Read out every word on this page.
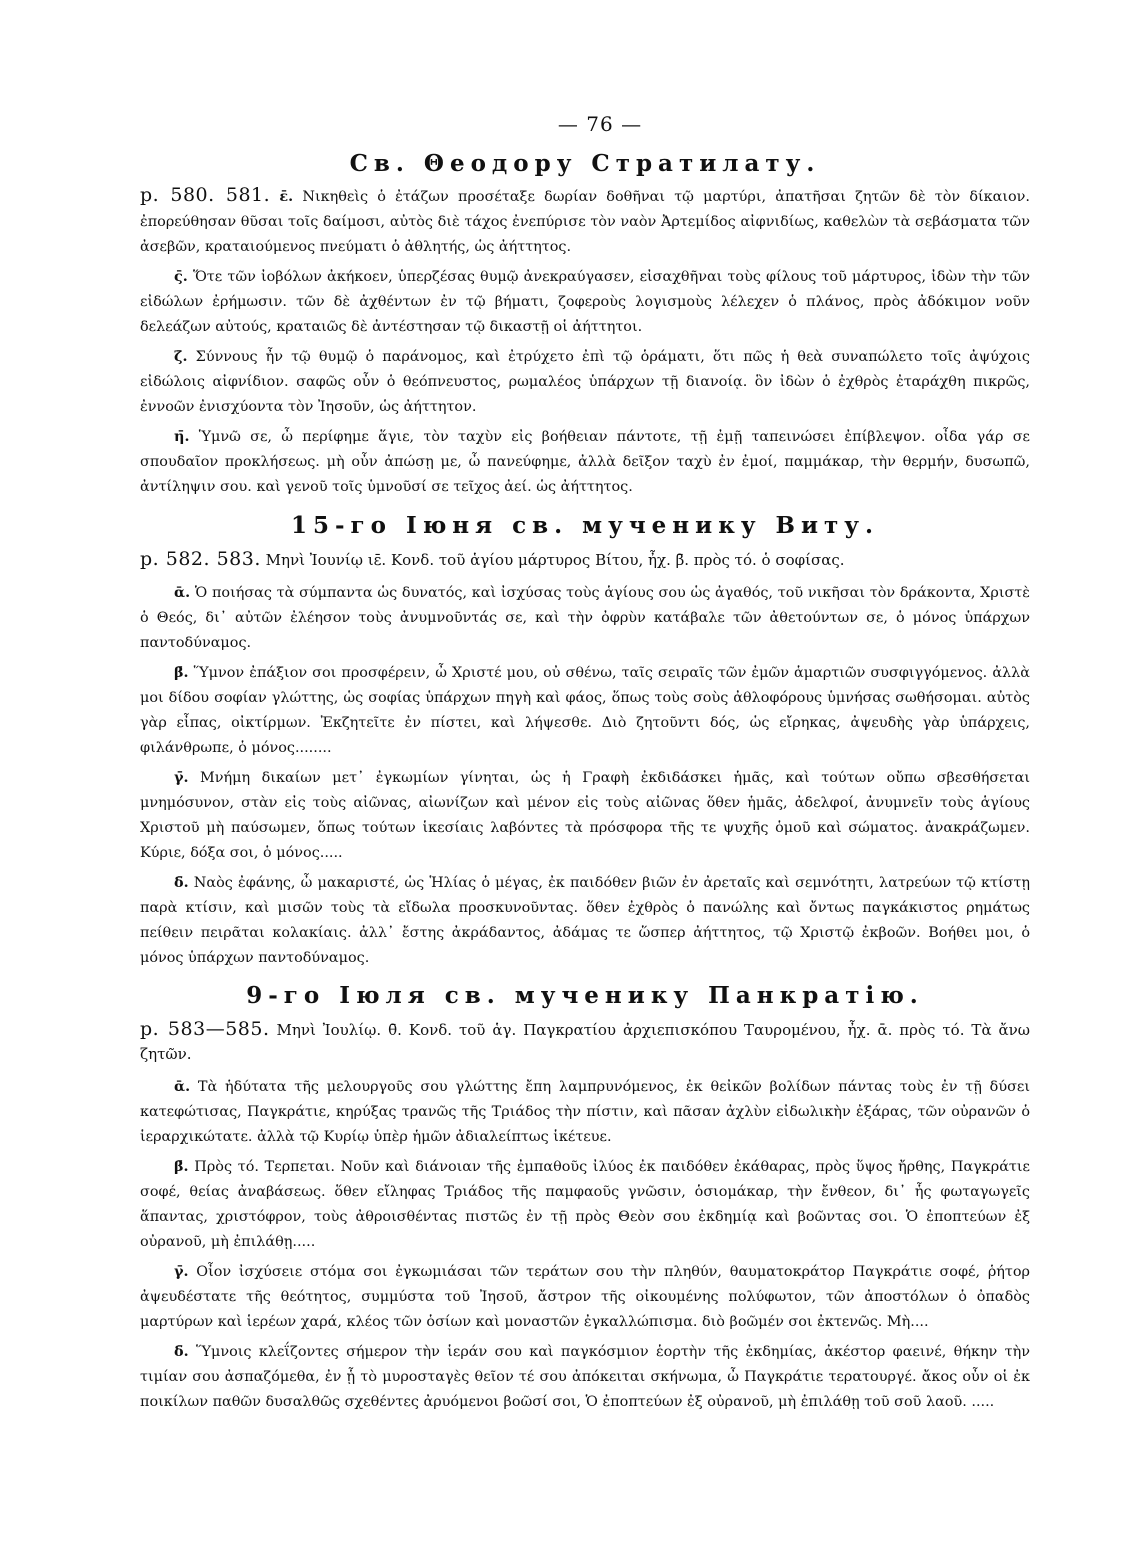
— 76 —
Св. Θеодору Стратилату.
р. 580. 581. ε̄. Νικηθεὶς ὁ ἐτάζων προσέταξε δωρίαν δοθῆναι τῷ μαρτύρι, ἀπατῆσαι ζητῶν δὲ τὸν δίκαιον. ἐπορεύθησαν θῦσαι τοῖς δαίμοσι, αὐτὸς διὲ τάχος ἐνεπύρισε τὸν ναὸν Ἀρτεμίδος αἰφνιδίως, καθελὼν τὰ σεβάσματα τῶν ἀσεβῶν, κραταιούμενος πνεύματι ὁ ἀθλητής, ὡς ἀήττητος.
ς̄. Ὅτε τῶν ἰοβόλων ἀκήκοεν, ὑπερζέσας θυμῷ ἀνεκραύγασεν, εἰσαχθῆναι τοὺς φίλους τοῦ μάρτυρος, ἰδὼν τὴν τῶν εἰδώλων ἐρήμωσιν. τῶν δὲ ἀχθέντων ἐν τῷ βήματι, ζοφεροὺς λογισμοὺς λέλεχεν ὁ πλάνος, πρὸς ἀδόκιμον νοῦν δελεάζων αὐτούς, κραταιῶς δὲ ἀντέστησαν τῷ δικαστῇ οἱ ἀήττητοι.
ζ̄. Σύννους ἦν τῷ θυμῷ ὁ παράνομος, καὶ ἐτρύχετο ἐπὶ τῷ ὁράματι, ὅτι πῶς ἡ θεὰ συναπώλετο τοῖς ἀψύχοις εἰδώλοις αἰφνίδιον. σαφῶς οὖν ὁ θεόπνευστος, ρωμαλέος ὑπάρχων τῇ διανοίᾳ. ὃν ἰδὼν ὁ ἐχθρὸς ἐταράχθη πικρῶς, ἐννοῶν ἐνισχύοντα τὸν Ἰησοῦν, ὡς ἀήττητον.
η̄. Ὑμνῶ σε, ὦ περίφημε ἅγιε, τὸν ταχὺν εἰς βοήθειαν πάντοτε, τῇ ἐμῇ ταπεινώσει ἐπίβλεψον. οἶδα γάρ σε σπουδαῖον προκλήσεως. μὴ οὖν ἀπώσῃ με, ὦ πανεύφημε, ἀλλὰ δεῖξον ταχὺ ἐν ἐμοί, παμμάκαρ, τὴν θερμήν, δυσωπῶ, ἀντίληψιν σου. καὶ γενοῦ τοῖς ὑμνοῦσί σε τεῖχος ἀεί. ὡς ἀήττητος.
15-го Іюня св. мученику Виту.
р. 582. 583. Μηνὶ Ἰουνίῳ ιε̄. Κονδ. τοῦ ἁγίου μάρτυρος Βίτου, ἦχ. β̄. πρὸς τό. ὁ σοφίσας.
ᾱ. Ὁ ποιήσας τὰ σύμπαντα ὡς δυνατός, καὶ ἰσχύσας τοὺς ἁγίους σου ὡς ἀγαθός, τοῦ νικῆσαι τὸν δράκοντα, Χριστὲ ὁ Θεός, δι᾽ αὐτῶν ἐλέησον τοὺς ἀνυμνοῦντάς σε, καὶ τὴν ὀφρὺν κατάβαλε τῶν ἀθετούντων σε, ὁ μόνος ὑπάρχων παντοδύναμος.
β̄. Ὕμνον ἐπάξιον σοι προσφέρειν, ὦ Χριστέ μου, οὐ σθένω, ταῖς σειραῖς τῶν ἐμῶν ἁμαρτιῶν συσφιγγόμενος. ἀλλὰ μοι δίδου σοφίαν γλώττης, ὡς σοφίας ὑπάρχων πηγὴ καὶ φάος, ὅπως τοὺς σοὺς ἀθλοφόρους ὑμνήσας σωθήσομαι. αὐτὸς γὰρ εἶπας, οἰκτίρμων. Ἐκζητεῖτε ἐν πίστει, καὶ λήψεσθε. Διὸ ζητοῦντι δός, ὡς εἴρηκας, ἀψευδὴς γὰρ ὑπάρχεις, φιλάνθρωπε, ὁ μόνος........
γ̄. Μνήμη δικαίων μετ᾽ ἐγκωμίων γίνηται, ὡς ἡ Γραφὴ ἐκδιδάσκει ἡμᾶς, καὶ τούτων οὔπω σβεσθήσεται μνημόσυνον, στὰν εἰς τοὺς αἰῶνας, αἰωνίζων καὶ μένον εἰς τοὺς αἰῶνας ὅθεν ἡμᾶς, ἀδελφοί, ἀνυμνεῖν τοὺς ἁγίους Χριστοῦ μὴ παύσωμεν, ὅπως τούτων ἱκεσίαις λαβόντες τὰ πρόσφορα τῆς τε ψυχῆς ὁμοῦ καὶ σώματος. ἀνακράζωμεν. Κύριε, δόξα σοι, ὁ μόνος.....
δ̄. Ναὸς ἐφάνης, ὦ μακαριστέ, ὡς Ἡλίας ὁ μέγας, ἐκ παιδόθεν βιῶν ἐν ἀρεταῖς καὶ σεμνότητι, λατρεύων τῷ κτίστῃ παρὰ κτίσιν, καὶ μισῶν τοὺς τὰ εἴδωλα προσκυνοῦντας. ὅθεν ἐχθρὸς ὁ πανώλης καὶ ὄντως παγκάκιστος ρημάτως πείθειν πειρᾶται κολακίαις. ἀλλ᾽ ἔστης ἀκράδαντος, ἀδάμας τε ὥσπερ ἀήττητος, τῷ Χριστῷ ἐκβοῶν. Βοήθει μοι, ὁ μόνος ὑπάρχων παντοδύναμος.
9-го Іюля св. мученику Панкратію.
р. 583—585. Μηνὶ Ἰουλίῳ. θ̄. Κονδ. τοῦ ἁγ. Παγκρατίου ἀρχιεπισκόπου Ταυρομένου, ἦχ. ᾱ. πρὸς τό. Τὰ ἄνω ζητῶν.
ᾱ. Τὰ ἡδύτατα τῆς μελουργοῦς σου γλώττης ἔπη λαμπρυνόμενος, ἐκ θεἰκῶν βολίδων πάντας τοὺς ἐν τῇ δύσει κατεφώτισας, Παγκράτιε, κηρύξας τρανῶς τῆς Τριάδος τὴν πίστιν, καὶ πᾶσαν ἀχλὺν εἰδωλικὴν ἐξάρας, τῶν οὐρανῶν ὁ ἱεραρχικώτατε. ἀλλὰ τῷ Κυρίῳ ὑπὲρ ἡμῶν ἀδιαλείπτως ἱκέτευε.
β̄. Πρὸς τό. Τερπεται. Νοῦν καὶ διάνοιαν τῆς ἐμπαθοῦς ἰλύος ἐκ παιδόθεν ἐκάθαρας, πρὸς ὕψος ἤρθης, Παγκράτιε σοφέ, θείας ἀναβάσεως. ὅθεν εἴληφας Τριάδος τῆς παμφαοῦς γνῶσιν, ὁσιομάκαρ, τὴν ἔνθεον, δι᾽ ἧς φωταγωγεῖς ἅπαντας, χριστόφρον, τοὺς ἀθροισθέντας πιστῶς ἐν τῇ πρὸς Θεὸν σου ἐκδημίᾳ καὶ βοῶντας σοι. Ὁ ἐποπτεύων ἐξ οὐρανοῦ, μὴ ἐπιλάθῃ.....
γ̄. Οἶον ἰσχύσειε στόμα σοι ἐγκωμιάσαι τῶν τεράτων σου τὴν πληθύν, θαυματοκράτορ Παγκράτιε σοφέ, ῥήτορ ἀψευδέστατε τῆς θεότητος, συμμύστα τοῦ Ἰησοῦ, ἄστρον τῆς οἰκουμένης πολύφωτον, τῶν ἀποστόλων ὁ ὀπαδὸς μαρτύρων καὶ ἱερέων χαρά, κλέος τῶν ὁσίων καὶ μοναστῶν ἐγκαλλώπισμα. διὸ βοῶμέν σοι ἐκτενῶς. Μὴ....
δ̄. Ὕμνοις κλεΐζοντες σήμερον τὴν ἱεράν σου καὶ παγκόσμιον ἑορτὴν τῆς ἐκδημίας, ἀκέστορ φαεινέ, θήκην τὴν τιμίαν σου ἀσπαζόμεθα, ἐν ᾗ τὸ μυροσταγὲς θεῖον τέ σου ἀπόκειται σκήνωμα, ὦ Παγκράτιε τερατουργέ. ἄκος οὖν οἱ ἐκ ποικίλων παθῶν δυσαλθῶς σχεθέντες ἀρυόμενοι βοῶσί σοι, Ὁ ἐποπτεύων ἐξ οὐρανοῦ, μὴ ἐπιλάθῃ τοῦ σοῦ λαοῦ. .....
